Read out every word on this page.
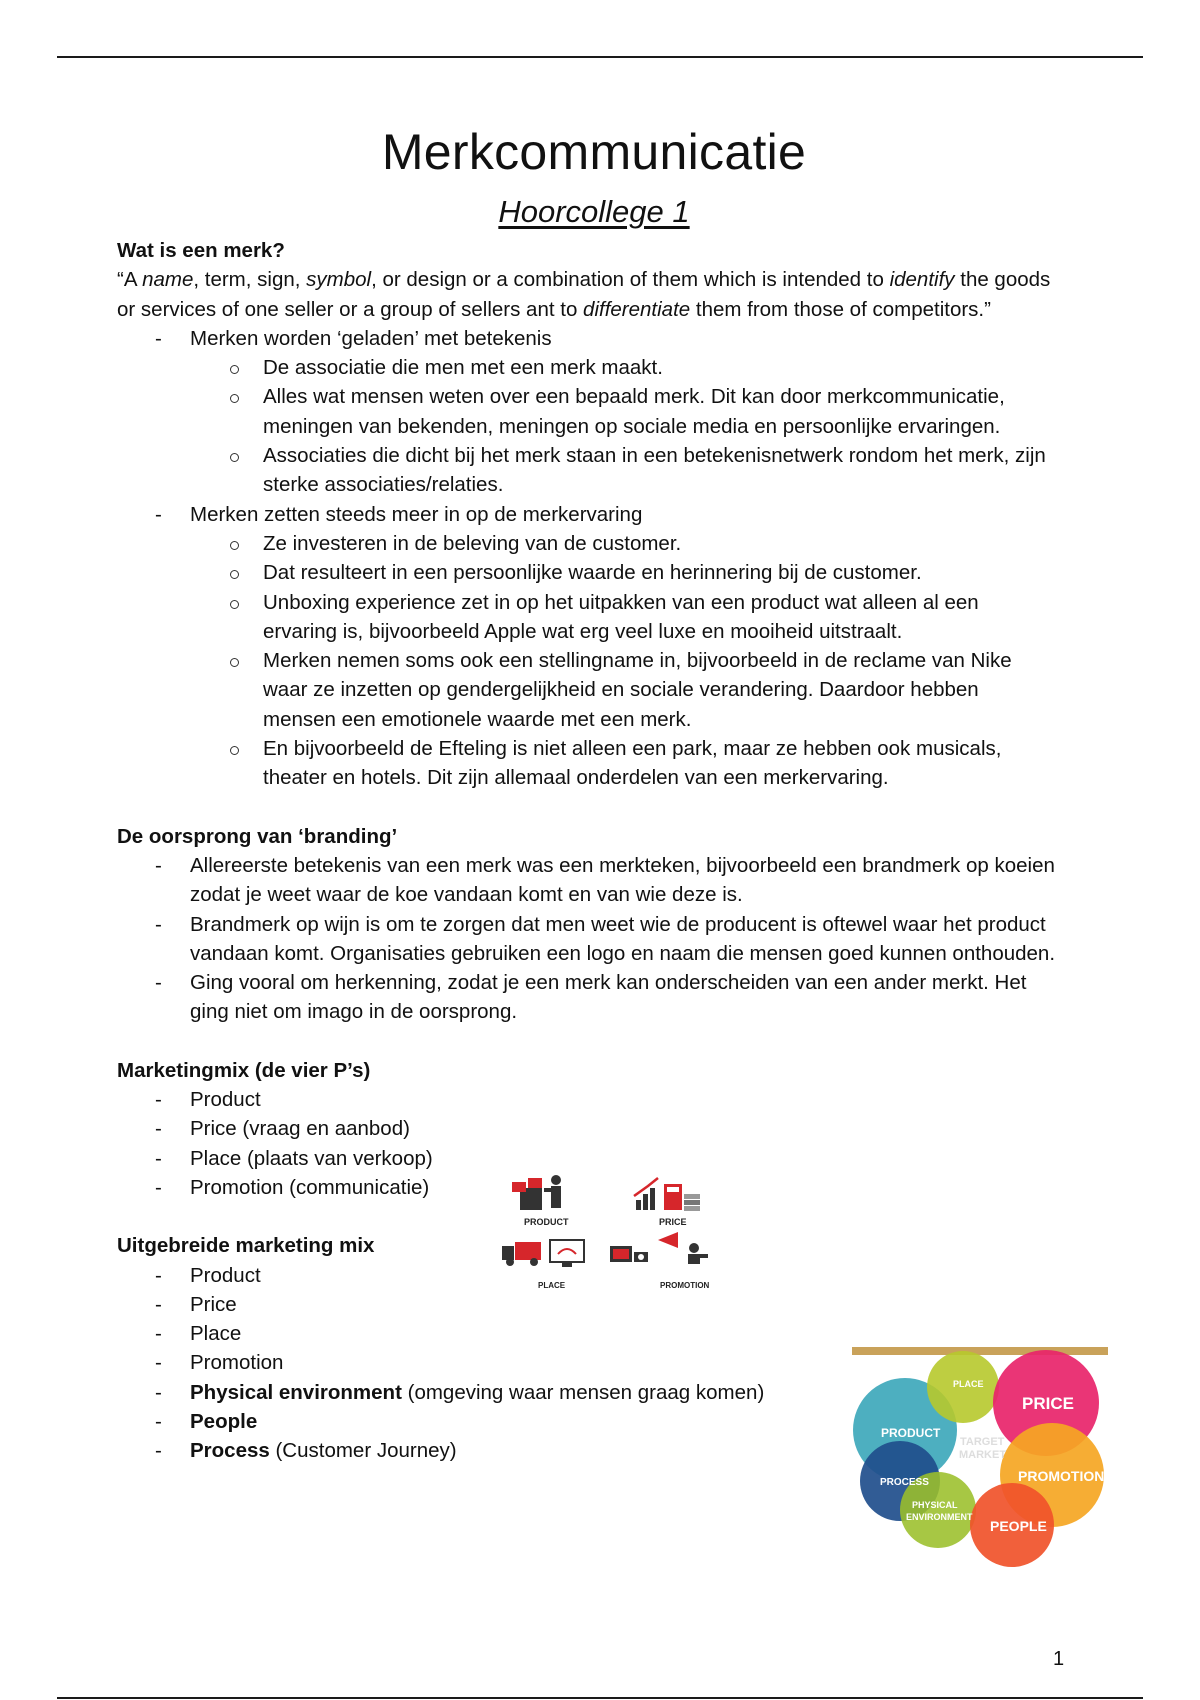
Merkcommunicatie
Hoorcollege 1

Wat is een merk?

“A name, term, sign, symbol, or design or a combination of them which is intended to identify the goods or services of one seller or a group of sellers ant to differentiate them from those of competitors.”

- Merken worden ‘geladen’ met betekenis
De associatie die men met een merk maakt.
Alles wat mensen weten over een bepaald merk. Dit kan door merkcommunicatie, meningen van bekenden, meningen op sociale media en persoonlijke ervaringen.
Associaties die dicht bij het merk staan in een betekenisnetwerk rondom het merk, zijn sterke associaties/relaties.
- Merken zetten steeds meer in op de merkervaring
Ze investeren in de beleving van de customer.
Dat resulteert in een persoonlijke waarde en herinnering bij de customer.
Unboxing experience zet in op het uitpakken van een product wat alleen al een ervaring is, bijvoorbeeld Apple wat erg veel luxe en mooiheid uitstraalt.
Merken nemen soms ook een stellingname in, bijvoorbeeld in de reclame van Nike waar ze inzetten op gendergelijkheid en sociale verandering. Daardoor hebben mensen een emotionele waarde met een merk.
En bijvoorbeeld de Efteling is niet alleen een park, maar ze hebben ook musicals, theater en hotels. Dit zijn allemaal onderdelen van een merkervaring.

De oorsprong van ‘branding’

- Allereerste betekenis van een merk was een merkteken, bijvoorbeeld een brandmerk op koeien zodat je weet waar de koe vandaan komt en van wie deze is.
- Brandmerk op wijn is om te zorgen dat men weet wie de producent is oftewel waar het product vandaan komt. Organisaties gebruiken een logo en naam die mensen goed kunnen onthouden.
- Ging vooral om herkenning, zodat je een merk kan onderscheiden van een ander merkt. Het ging niet om imago in de oorsprong.

Marketingmix (de vier P’s)

- Product
- Price (vraag en aanbod)
- Place (plaats van verkoop)
- Promotion (communicatie)

Uitgebreide marketing mix

- Product
- Price
- Place
- Promotion
- Physical environment (omgeving waar mensen graag komen)
- People
- Process (Customer Journey)
PRODUCT	PRICE
PLACE	PROMOTION
PLACE
PRICE
PRODUCT
TARGET
MARKET
PROMOTION
PROCESS
PHYSICAL
ENVIRONMENT
PEOPLE
1
